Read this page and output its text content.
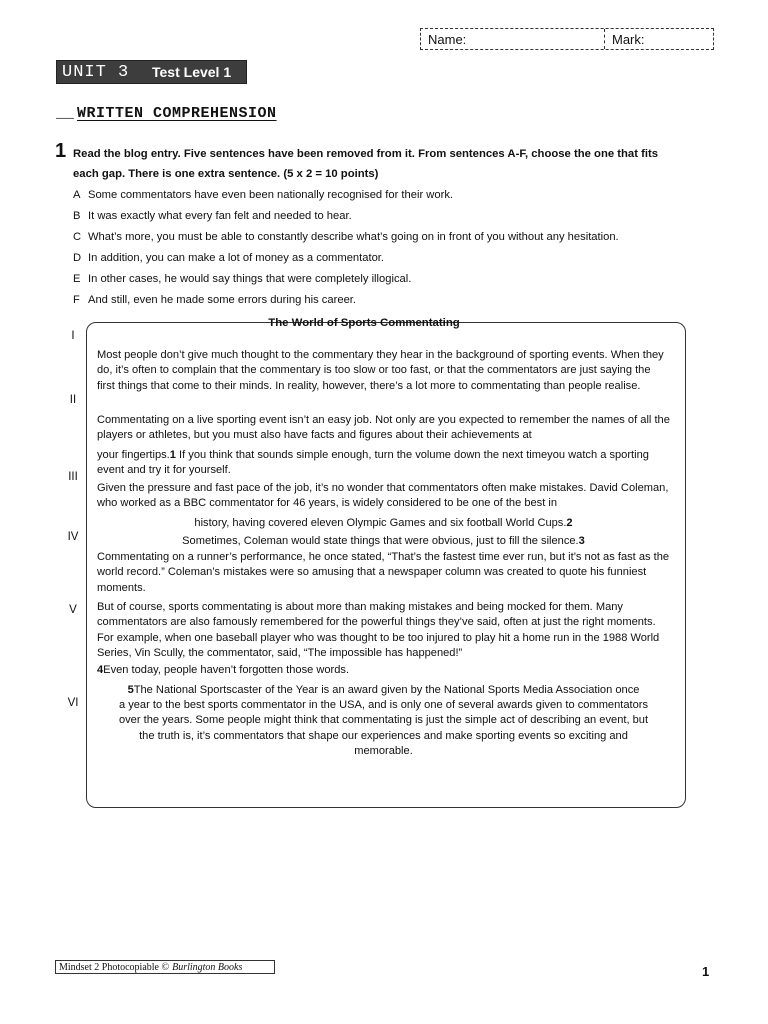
Name:	Mark:
UNIT 3	Test Level 1
__ WRITTEN COMPREHENSION
1 Read the blog entry. Five sentences have been removed from it. From sentences A-F, choose the one that fits each gap. There is one extra sentence. (5 x 2 = 10 points)
A Some commentators have even been nationally recognised for their work.
B It was exactly what every fan felt and needed to hear.
C What’s more, you must be able to constantly describe what’s going on in front of you without any hesitation.
D In addition, you can make a lot of money as a commentator.
E In other cases, he would say things that were completely illogical.
F And still, even he made some errors during his career.
I
II
III
IV
V
VI
The World of Sports Commentating
Most people don’t give much thought to the commentary they hear in the background of sporting events. When they do, it’s often to complain that the commentary is too slow or too fast, or that the commentators are just saying the first things that come to their minds. In reality, however, there’s a lot more to commentating than people realise.
Commentating on a live sporting event isn’t an easy job. Not only are you expected to remember the names of all the players or athletes, but you must also have facts and figures about their achievements at
your fingertips.1 If you think that sounds simple enough, turn the volume down the next timeyou watch a sporting event and try it for yourself.
Given the pressure and fast pace of the job, it’s no wonder that commentators often make mistakes. David Coleman, who worked as a BBC commentator for 46 years, is widely considered to be one of the best in
history, having covered eleven Olympic Games and six football World Cups.2
Sometimes, Coleman would state things that were obvious, just to fill the silence.3
Commentating on a runner’s performance, he once stated, “That’s the fastest time ever run, but it’s not as fast as the world record.” Coleman’s mistakes were so amusing that a newspaper column was created to quote his funniest moments.
But of course, sports commentating is about more than making mistakes and being mocked for them. Many commentators are also famously remembered for the powerful things they’ve said, often at just the right moments. For example, when one baseball player who was thought to be too injured to play hit a home run in the 1988 World Series, Vin Scully, the commentator, said, “The impossible has happened!”
4Even today, people haven’t forgotten those words.
5The National Sportscaster of the Year is an award given by the National Sports Media Association once
a year to the best sports commentator in the USA, and is only one of several awards given to commentators over the years. Some people might think that commentating is just the simple act of describing an event, but the truth is, it’s commentators that shape our experiences and make sporting events so exciting and memorable.
Mindset 2 Photocopiable © Burlington Books	1
